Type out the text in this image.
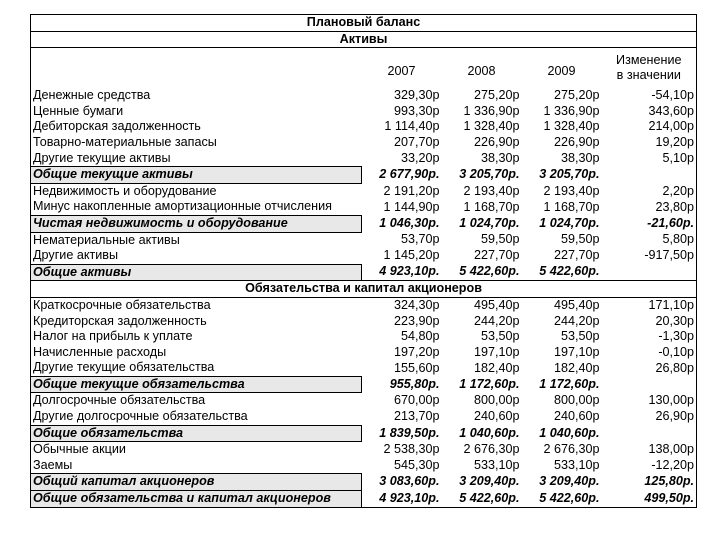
Плановый баланс				
Активы				
	2007	2008	2009	Изменение
в значении

Денежные средства	329,30р	275,20р	275,20р	-54,10р
Ценные бумаги	993,30р	1 336,90р	1 336,90р	343,60р
Дебиторская задолженность	1 114,40р	1 328,40р	1 328,40р	214,00р
Товарно-материальные запасы	207,70р	226,90р	226,90р	19,20р
Другие текущие активы	33,20р	38,30р	38,30р	5,10р
Общие текущие активы	2 677,90р.	3 205,70р.	3 205,70р.	
Недвижимость и оборудование	2 191,20р	2 193,40р	2 193,40р	2,20р
Минус накопленные амортизационные отчисления	1 144,90р	1 168,70р	1 168,70р	23,80р
Чистая недвижимость и оборудование	1 046,30р.	1 024,70р.	1 024,70р.	-21,60р.
Нематериальные активы	53,70р	59,50р	59,50р	5,80р
Другие активы	1 145,20р	227,70р	227,70р	-917,50р
Общие активы	4 923,10р.	5 422,60р.	5 422,60р.	
Обязательства и капитал акционеров				
Краткосрочные обязательства	324,30р	495,40р	495,40р	171,10р
Кредиторская задолженность	223,90р	244,20р	244,20р	20,30р
Налог на прибыль к уплате	54,80р	53,50р	53,50р	-1,30р
Начисленные расходы	197,20р	197,10р	197,10р	-0,10р
Другие текущие обязательства	155,60р	182,40р	182,40р	26,80р
Общие текущие обязательства	955,80р.	1 172,60р.	1 172,60р.	
Долгосрочные обязательства	670,00р	800,00р	800,00р	130,00р
Другие долгосрочные обязательства	213,70р	240,60р	240,60р	26,90р
Общие обязательства	1 839,50р.	1 040,60р.	1 040,60р.	
Обычные акции	2 538,30р	2 676,30р	2 676,30р	138,00р
Заемы	545,30р	533,10р	533,10р	-12,20р
Общий капитал акционеров	3 083,60р.	3 209,40р.	3 209,40р.	125,80р.
Общие обязательства и капитал акционеров	4 923,10р.	5 422,60р.	5 422,60р.	499,50р.
